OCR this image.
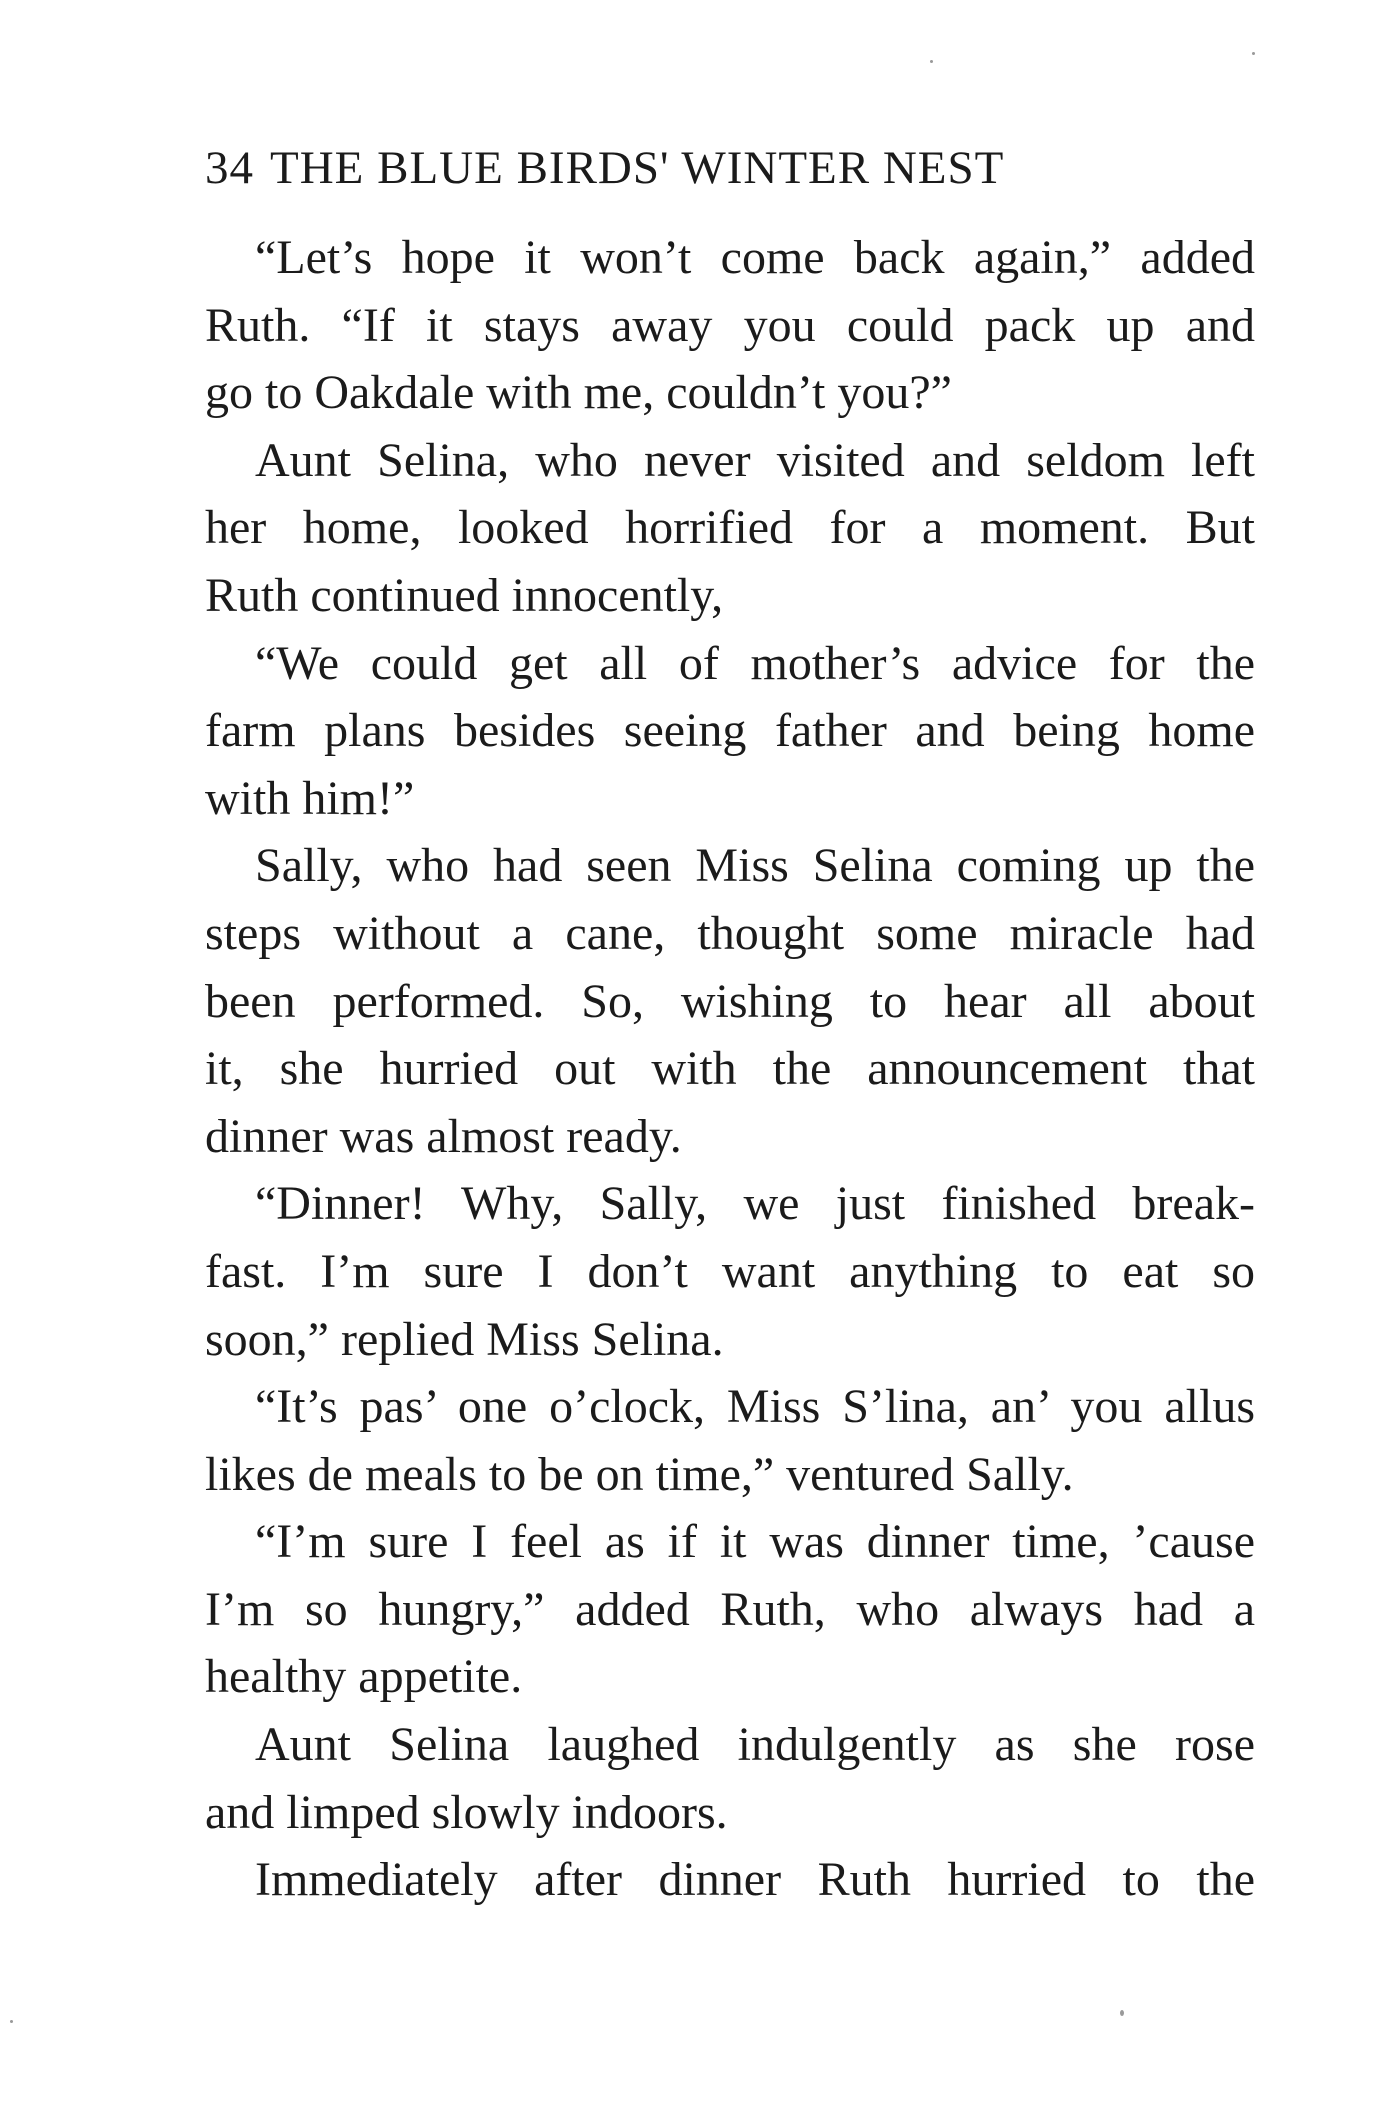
34 THE BLUE BIRDS' WINTER NEST
“Let’s hope it won’t come back again,” added
Ruth. “If it stays away you could pack up and
go to Oakdale with me, couldn’t you?”
Aunt Selina, who never visited and seldom left
her home, looked horrified for a moment. But
Ruth continued innocently,
“We could get all of mother’s advice for the
farm plans besides seeing father and being home
with him!”
Sally, who had seen Miss Selina coming up the
steps without a cane, thought some miracle had
been performed. So, wishing to hear all about
it, she hurried out with the announcement that
dinner was almost ready.
“Dinner! Why, Sally, we just finished break-
fast. I’m sure I don’t want anything to eat so
soon,” replied Miss Selina.
“It’s pas’ one o’clock, Miss S’lina, an’ you allus
likes de meals to be on time,” ventured Sally.
“I’m sure I feel as if it was dinner time, ’cause
I’m so hungry,” added Ruth, who always had a
healthy appetite.
Aunt Selina laughed indulgently as she rose
and limped slowly indoors.
Immediately after dinner Ruth hurried to the
